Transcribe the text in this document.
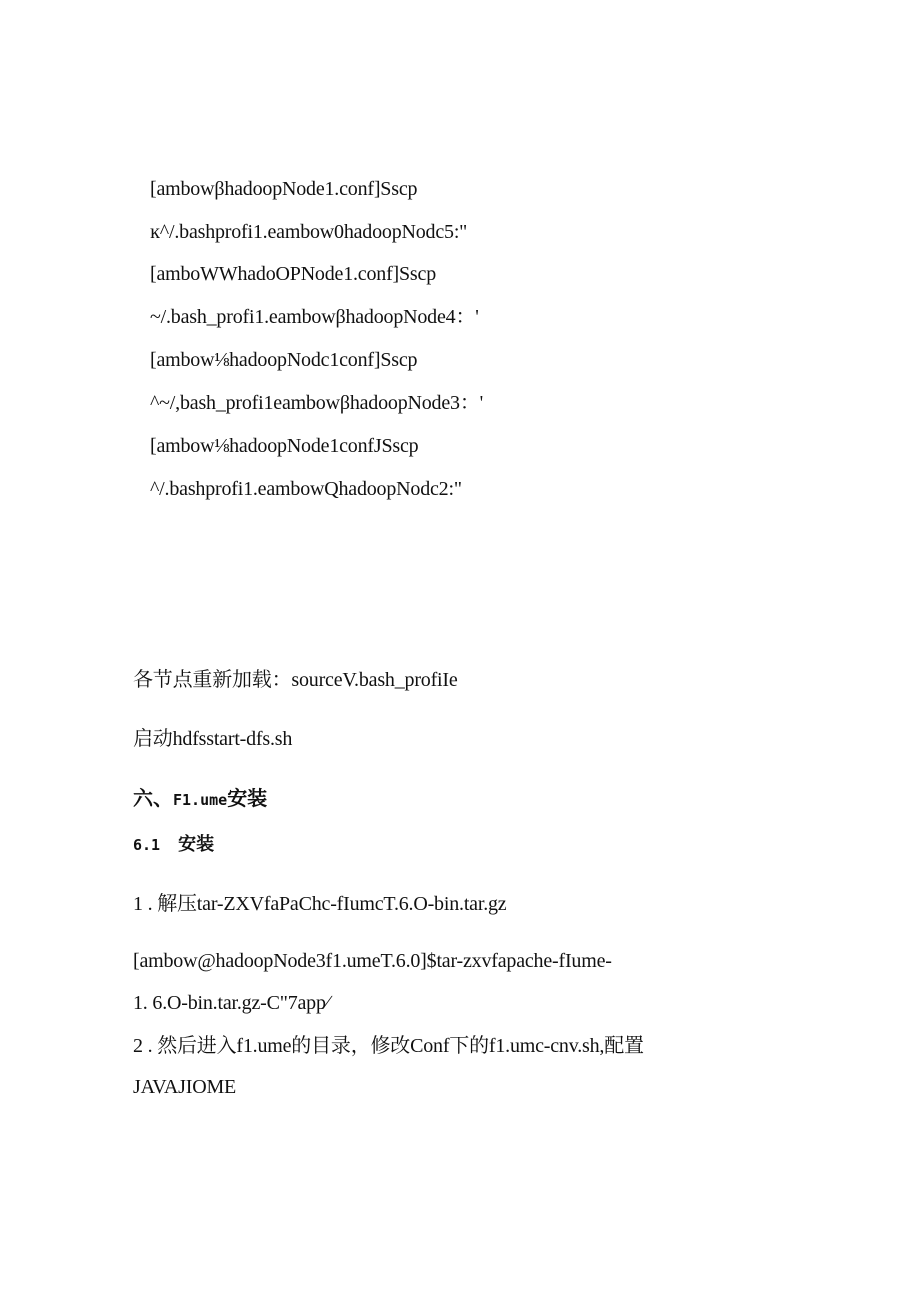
[ambowβhadoopNode1.conf]Sscp
ĸ^/.bashprofi1.eambow0hadoopNodc5:"
[amboWWhadoOPNode1.conf]Sscp
~/.bash_profi1.eambowβhadoopNode4：'
[ambow⅛hadoopNodc1conf]Sscp
^~/,bash_profi1eambowβhadoopNode3：'
[ambow⅛hadoopNode1confJSscp
^/.bashprofi1.eambowQhadoopNodc2:"
各节点重新加载：sourceV.bash_profiIe
启动hdfsstart-dfs.sh
六、F1.ume安装
6.1 安装
1 . 解压tar-ZXVfaPaChc-fIumcT.6.O-bin.tar.gz
[ambow@hadoopNode3f1.umeT.6.0]$tar-zxvfapache-fIume-
1. 6.O-bin.tar.gz-C"7app∕
2 . 然后进入f1.ume的目录，修改Conf下的f1.umc-cnv.sh,配置
JAVAJIOME
